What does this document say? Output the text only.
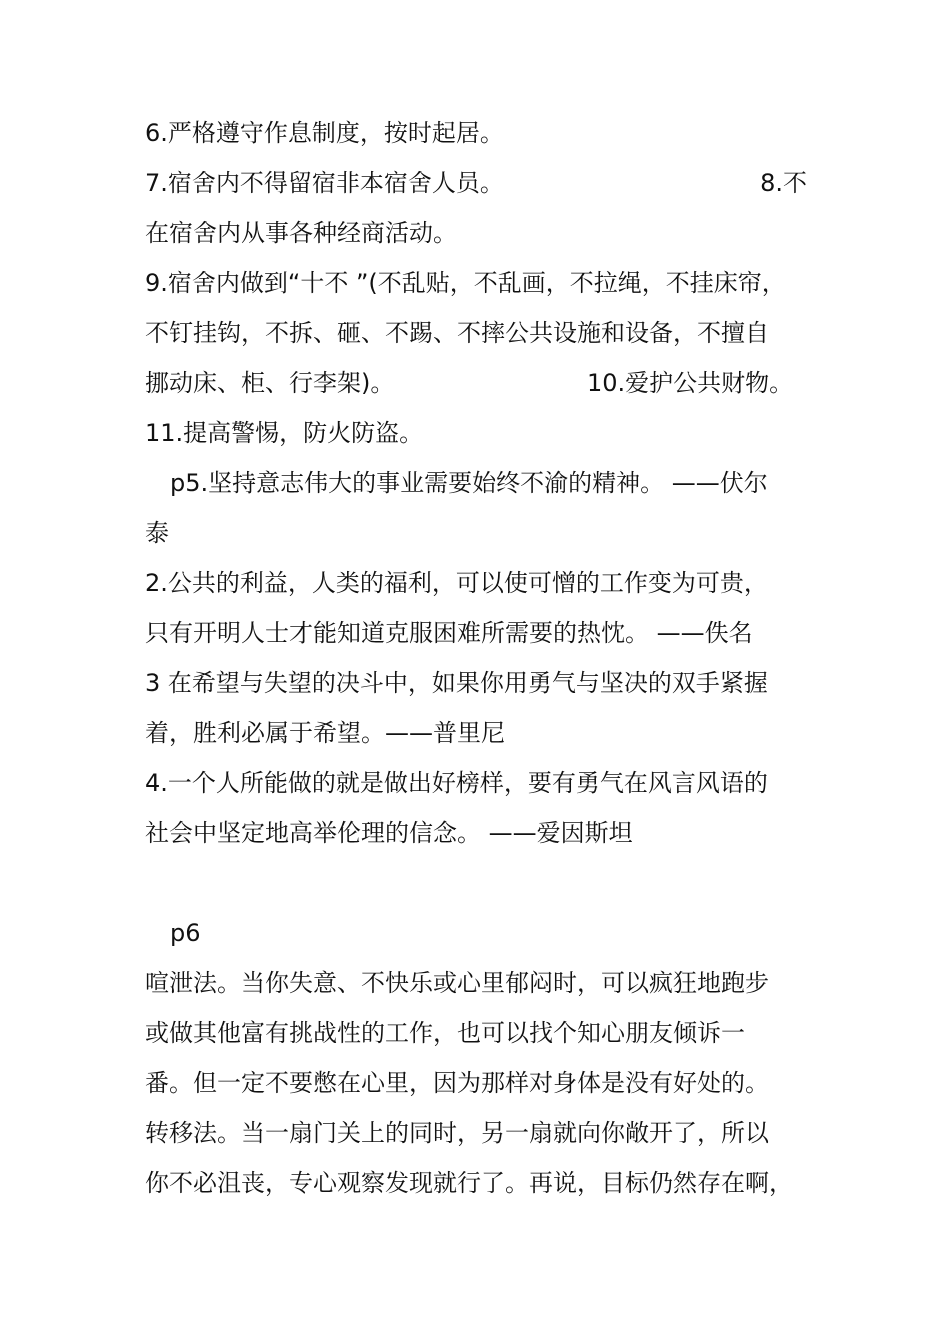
6.严格遵守作息制度，按时起居。
7.宿舍内不得留宿非本宿舍人员。	8.不
在宿舍内从事各种经商活动。
9.宿舍内做到“十不 ”(不乱贴，不乱画，不拉绳，不挂床帘，
不钉挂钩，不拆、砸、不踢、不摔公共设施和设备，不擅自
挪动床、柜、行李架)。	10.爱护公共财物。
11.提高警惕，防火防盗。
p5.坚持意志伟大的事业需要始终不渝的精神。 ——伏尔
泰
2.公共的利益，人类的福利，可以使可憎的工作变为可贵，
只有开明人士才能知道克服困难所需要的热忱。 ——佚名
3 在希望与失望的决斗中，如果你用勇气与坚决的双手紧握
着，胜利必属于希望。——普里尼
4.一个人所能做的就是做出好榜样，要有勇气在风言风语的
社会中坚定地高举伦理的信念。 ——爱因斯坦
p6
喧泄法。当你失意、不快乐或心里郁闷时，可以疯狂地跑步
或做其他富有挑战性的工作，也可以找个知心朋友倾诉一
番。但一定不要憋在心里，因为那样对身体是没有好处的。
转移法。当一扇门关上的同时，另一扇就向你敞开了，所以
你不必沮丧，专心观察发现就行了。再说，目标仍然存在啊，
